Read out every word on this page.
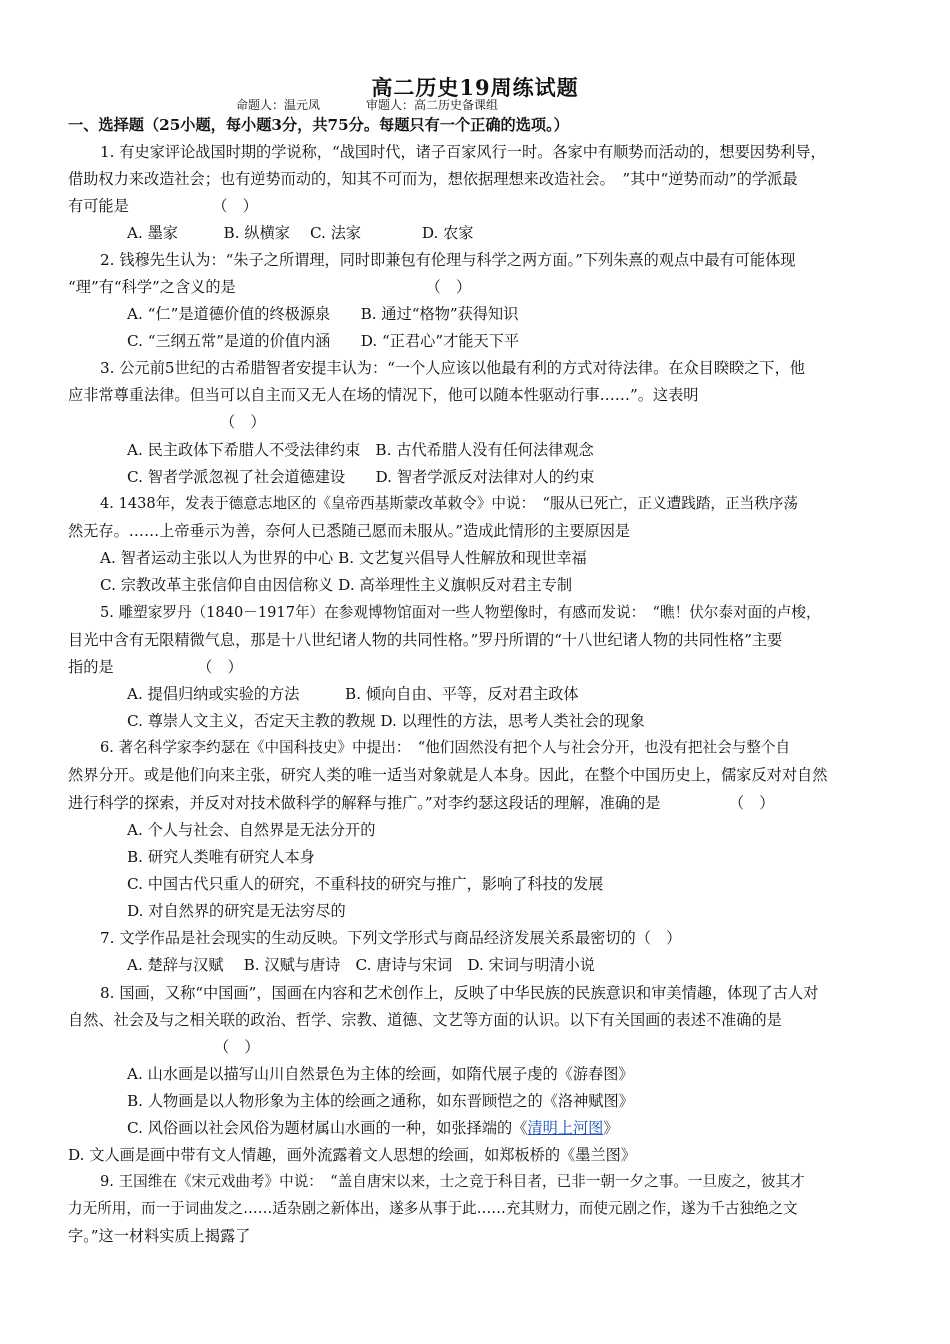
高二历史19周练试题
命题人：温元凤	审题人：高二历史备课组
一、选择题（25小题，每小题3分，共75分。每题只有一个正确的选项。）
1. 有史家评论战国时期的学说称，“战国时代，诸子百家风行一时。各家中有顺势而活动的，想要因势利导，
借助权力来改造社会；也有逆势而动的，知其不可而为，想依据理想来改造社会。　”其中“逆势而动”的学派最
有可能是　　　　　　（　）
A. 墨家　　　B. 纵横家　 C. 法家　　　　D. 农家
2. 钱穆先生认为：“朱子之所谓理，同时即兼包有伦理与科学之两方面。”下列朱熹的观点中最有可能体现
“理”有“科学”之含义的是　　　　　　　　　　　　　（　）
A. “仁”是道德价值的终极源泉　　B. 通过“格物”获得知识
C. “三纲五常”是道的价值内涵　　D. “正君心”才能天下平
3. 公元前5世纪的古希腊智者安提丰认为：“一个人应该以他最有利的方式对待法律。在众目睽睽之下，他
应非常尊重法律。但当可以自主而又无人在场的情况下，他可以随本性驱动行事……”。这表明
（　）
A. 民主政体下希腊人不受法律约束　B. 古代希腊人没有任何法律观念
C. 智者学派忽视了社会道德建设　　D. 智者学派反对法律对人的约束
4. 1438年，发表于德意志地区的《皇帝西基斯蒙改革敕令》中说：　“服从已死亡，正义遭践踏，正当秩序荡
然无存。……上帝垂示为善，奈何人已悉随己愿而未服从。”造成此情形的主要原因是
A. 智者运动主张以人为世界的中心 B. 文艺复兴倡导人性解放和现世幸福
C. 宗教改革主张信仰自由因信称义 D. 高举理性主义旗帜反对君主专制
5. 雕塑家罗丹（1840－1917年）在参观博物馆面对一些人物塑像时，有感而发说：　“瞧！伏尔泰对面的卢梭，
目光中含有无限精微气息，那是十八世纪诸人物的共同性格。”罗丹所谓的“十八世纪诸人物的共同性格”主要
指的是　　　　　　（　）
A. 提倡归纳或实验的方法　　　B. 倾向自由、平等，反对君主政体
C. 尊崇人文主义，否定天主教的教规 D. 以理性的方法，思考人类社会的现象
6. 著名科学家李约瑟在《中国科技史》中提出：　“他们固然没有把个人与社会分开，也没有把社会与整个自
然界分开。或是他们向来主张，研究人类的唯一适当对象就是人本身。因此，在整个中国历史上，儒家反对对自然
进行科学的探索，并反对对技术做科学的解释与推广。”对李约瑟这段话的理解，准确的是　　　　　（　）
A. 个人与社会、自然界是无法分开的
B. 研究人类唯有研究人本身
C. 中国古代只重人的研究，不重科技的研究与推广，影响了科技的发展
D. 对自然界的研究是无法穷尽的
7. 文学作品是社会现实的生动反映。下列文学形式与商品经济发展关系最密切的（　）
A. 楚辞与汉赋　 B. 汉赋与唐诗　C. 唐诗与宋词　D. 宋词与明清小说
8. 国画，又称“中国画”，国画在内容和艺术创作上，反映了中华民族的民族意识和审美情趣，体现了古人对
自然、社会及与之相关联的政治、哲学、宗教、道德、文艺等方面的认识。以下有关国画的表述不准确的是
（　）
A. 山水画是以描写山川自然景色为主体的绘画，如隋代展子虔的《游春图》
B. 人物画是以人物形象为主体的绘画之通称，如东晋顾恺之的《洛神赋图》
C. 风俗画以社会风俗为题材属山水画的一种，如张择端的《清明上河图》
D. 文人画是画中带有文人情趣，画外流露着文人思想的绘画，如郑板桥的《墨兰图》
9. 王国维在《宋元戏曲考》中说：　“盖自唐宋以来，士之竞于科目者，已非一朝一夕之事。一旦废之，彼其才
力无所用，而一于词曲发之……适杂剧之新体出，遂多从事于此……充其财力，而使元剧之作，遂为千古独绝之文
字。”这一材料实质上揭露了
